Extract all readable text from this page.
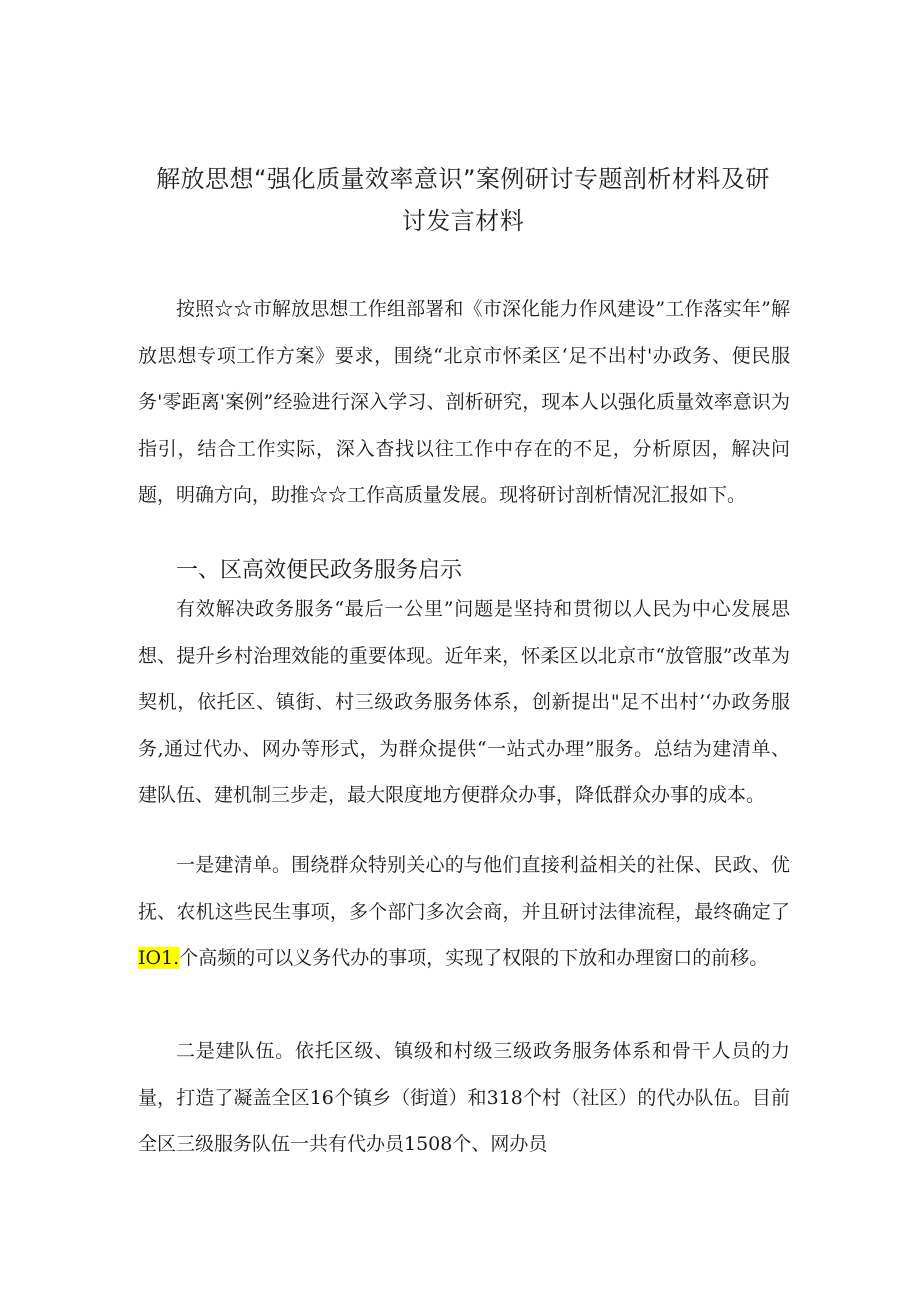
解放思想“强化质量效率意识”案例研讨专题剖析材料及研
讨发言材料

按照☆☆市解放思想工作组部署和《市深化能力作风建设”工作落实年”解放思想专项工作方案》要求，围绕“北京市怀柔区‘足不出村'办政务、便民服务'零距离'案例”经验进行深入学习、剖析研究，现本人以强化质量效率意识为指引，结合工作实际，深入杳找以往工作中存在的不足，分析原因，解决问题，明确方向，助推☆☆工作高质量发展。现将研讨剖析情况汇报如下。

一、区高效便民政务服务启示

有效解决政务服务“最后一公里”问题是坚持和贯彻以人民为中心发展思想、提升乡村治理效能的重要体现。近年来，怀柔区以北京市“放管服”改革为契机，依托区、镇街、村三级政务服务体系，创新提出"足不出村’‘办政务服务,通过代办、网办等形式，为群众提供“一站式办理”服务。总结为建清单、建队伍、建机制三步走，最大限度地方便群众办事，降低群众办事的成本。

一是建清单。围绕群众特别关心的与他们直接利益相关的社保、民政、优抚、农机这些民生事项，多个部门多次会商，并且研讨法律流程，最终确定了IO1.个高频的可以义务代办的事项，实现了权限的下放和办理窗口的前移。

二是建队伍。依托区级、镇级和村级三级政务服务体系和骨干人员的力量，打造了凝盖全区16个镇乡（街道）和318个村（社区）的代办队伍。目前全区三级服务队伍一共有代办员1508个、网办员
